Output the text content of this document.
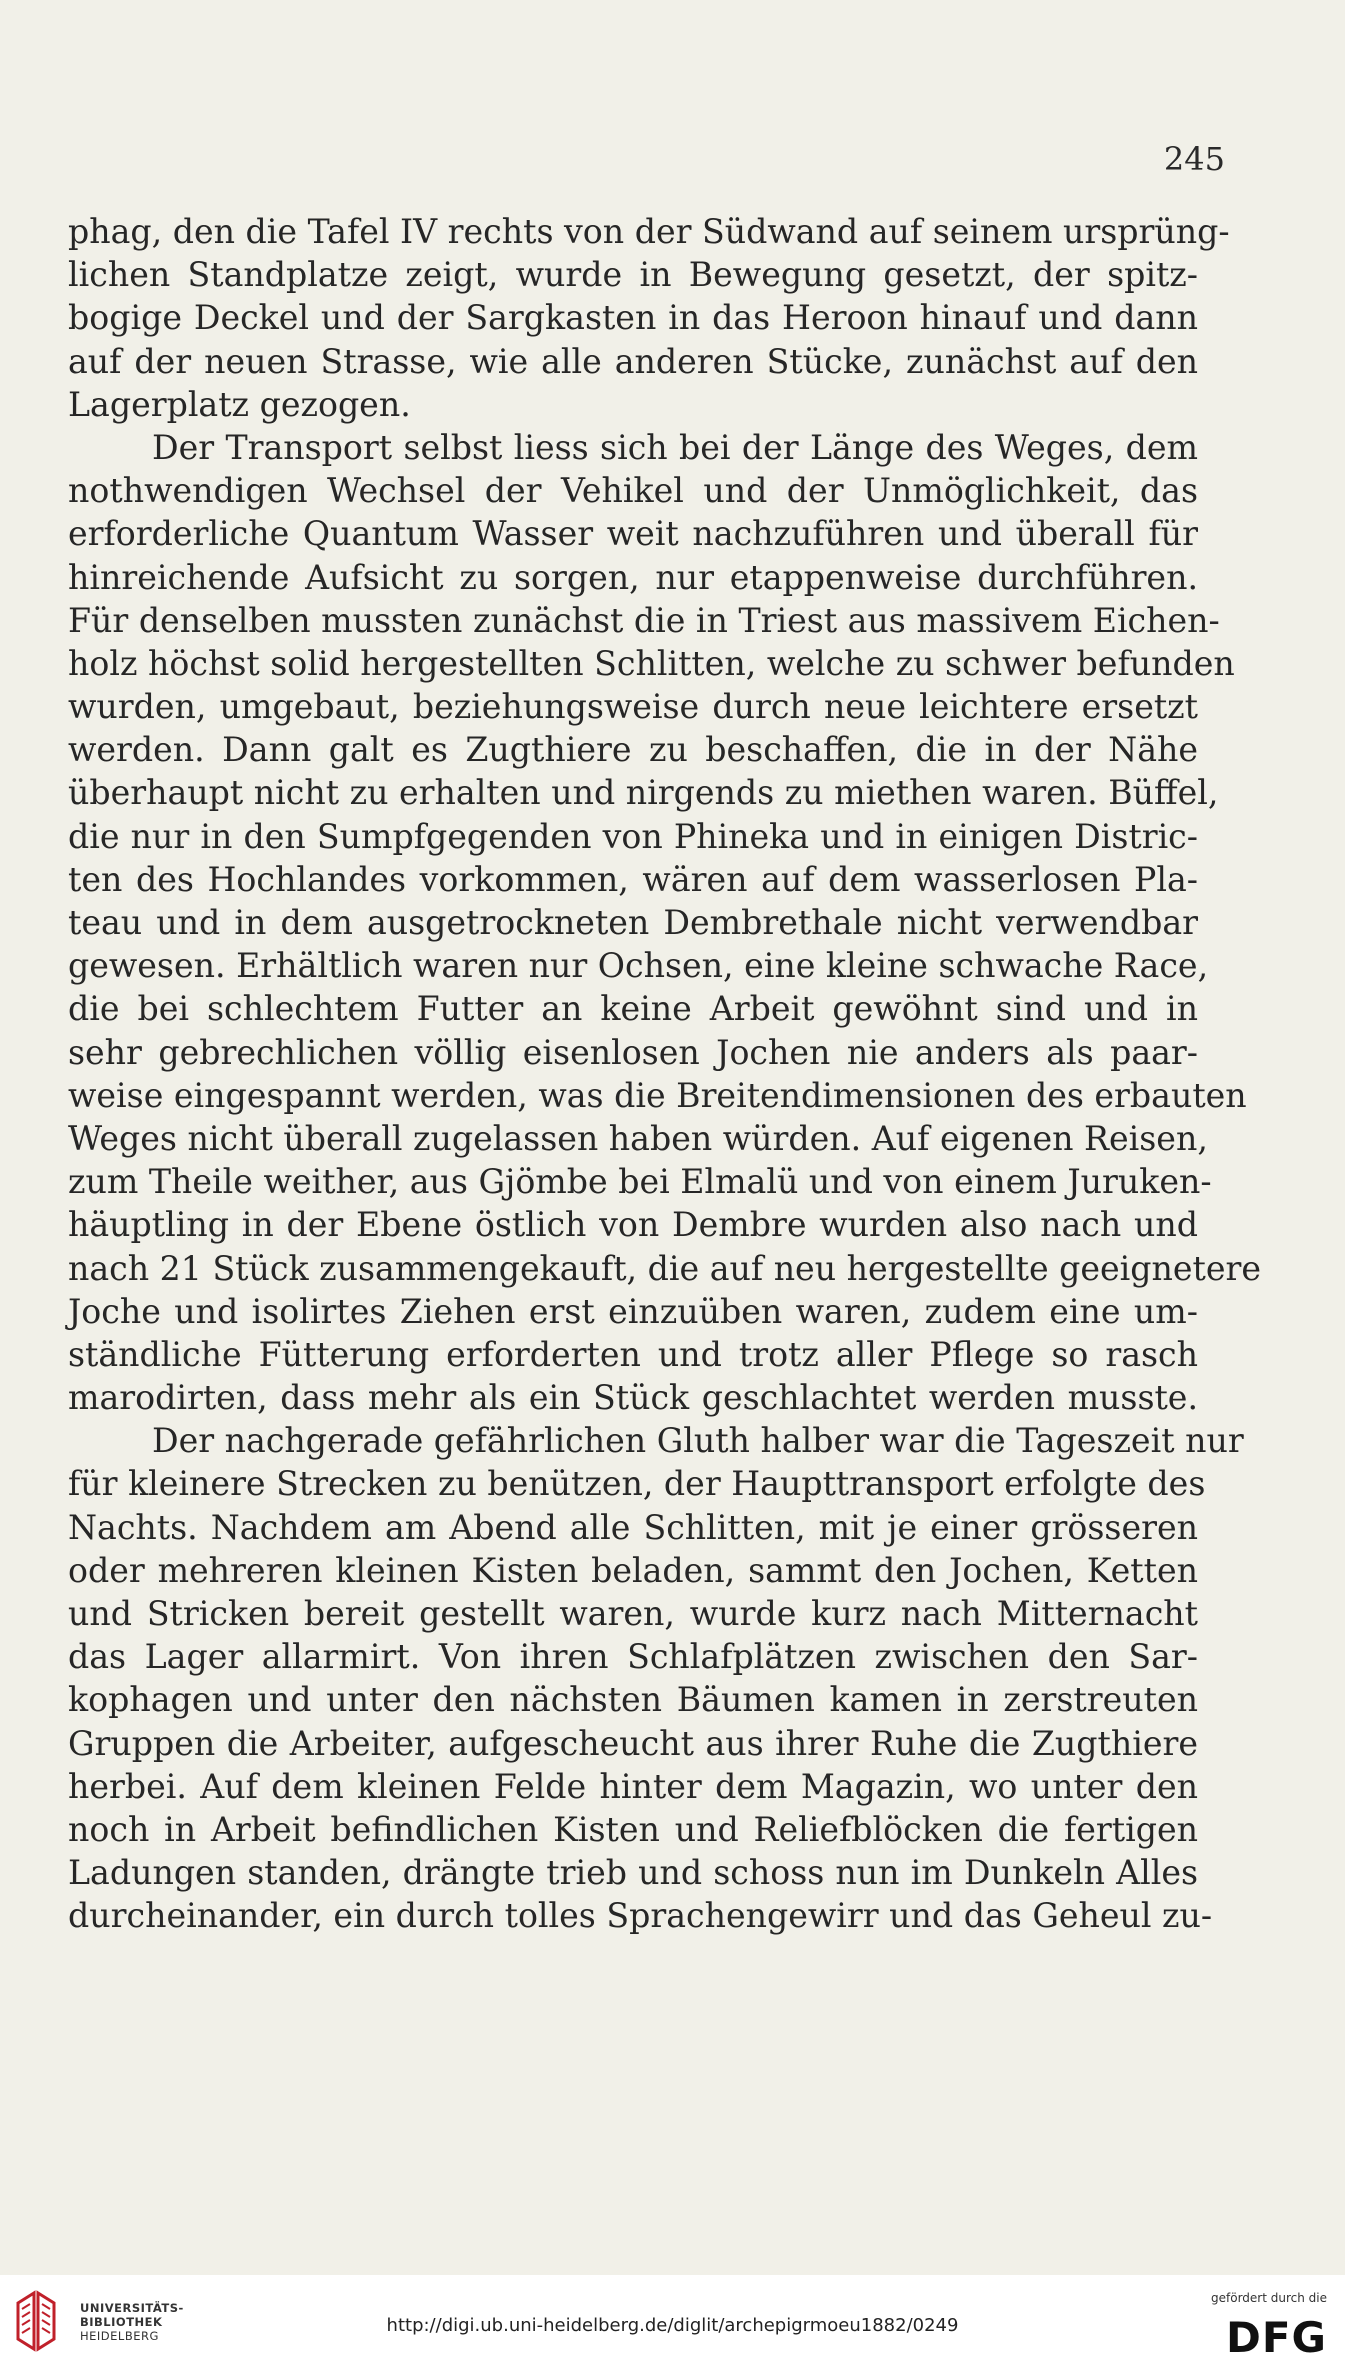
245
phag, den die Tafel IV rechts von der Südwand auf seinem ursprüng-
lichen Standplatze zeigt, wurde in Bewegung gesetzt, der spitz-
bogige Deckel und der Sargkasten in das Heroon hinauf und dann
auf der neuen Strasse, wie alle anderen Stücke, zunächst auf den
Lagerplatz gezogen.
Der Transport selbst liess sich bei der Länge des Weges, dem
nothwendigen Wechsel der Vehikel und der Unmöglichkeit, das
erforderliche Quantum Wasser weit nachzuführen und überall für
hinreichende Aufsicht zu sorgen, nur etappenweise durchführen.
Für denselben mussten zunächst die in Triest aus massivem Eichen-
holz höchst solid hergestellten Schlitten, welche zu schwer befunden
wurden, umgebaut, beziehungsweise durch neue leichtere ersetzt
werden. Dann galt es Zugthiere zu beschaffen, die in der Nähe
überhaupt nicht zu erhalten und nirgends zu miethen waren. Büffel,
die nur in den Sumpfgegenden von Phineka und in einigen Distric-
ten des Hochlandes vorkommen, wären auf dem wasserlosen Pla-
teau und in dem ausgetrockneten Dembrethale nicht verwendbar
gewesen. Erhältlich waren nur Ochsen, eine kleine schwache Race,
die bei schlechtem Futter an keine Arbeit gewöhnt sind und in
sehr gebrechlichen völlig eisenlosen Jochen nie anders als paar-
weise eingespannt werden, was die Breitendimensionen des erbauten
Weges nicht überall zugelassen haben würden. Auf eigenen Reisen,
zum Theile weither, aus Gjömbe bei Elmalü und von einem Juruken-
häuptling in der Ebene östlich von Dembre wurden also nach und
nach 21 Stück zusammengekauft, die auf neu hergestellte geeignetere
Joche und isolirtes Ziehen erst einzuüben waren, zudem eine um-
ständliche Fütterung erforderten und trotz aller Pflege so rasch
marodirten, dass mehr als ein Stück geschlachtet werden musste.
Der nachgerade gefährlichen Gluth halber war die Tageszeit nur
für kleinere Strecken zu benützen, der Haupttransport erfolgte des
Nachts. Nachdem am Abend alle Schlitten, mit je einer grösseren
oder mehreren kleinen Kisten beladen, sammt den Jochen, Ketten
und Stricken bereit gestellt waren, wurde kurz nach Mitternacht
das Lager allarmirt. Von ihren Schlafplätzen zwischen den Sar-
kophagen und unter den nächsten Bäumen kamen in zerstreuten
Gruppen die Arbeiter, aufgescheucht aus ihrer Ruhe die Zugthiere
herbei. Auf dem kleinen Felde hinter dem Magazin, wo unter den
noch in Arbeit befindlichen Kisten und Reliefblöcken die fertigen
Ladungen standen, drängte trieb und schoss nun im Dunkeln Alles
durcheinander, ein durch tolles Sprachengewirr und das Geheul zu-
UNIVERSITÄTS-
BIBLIOTHEK
HEIDELBERG	http://digi.ub.uni-heidelberg.de/diglit/archepigrmoeu1882/0249
gefördert durch die
DFG
